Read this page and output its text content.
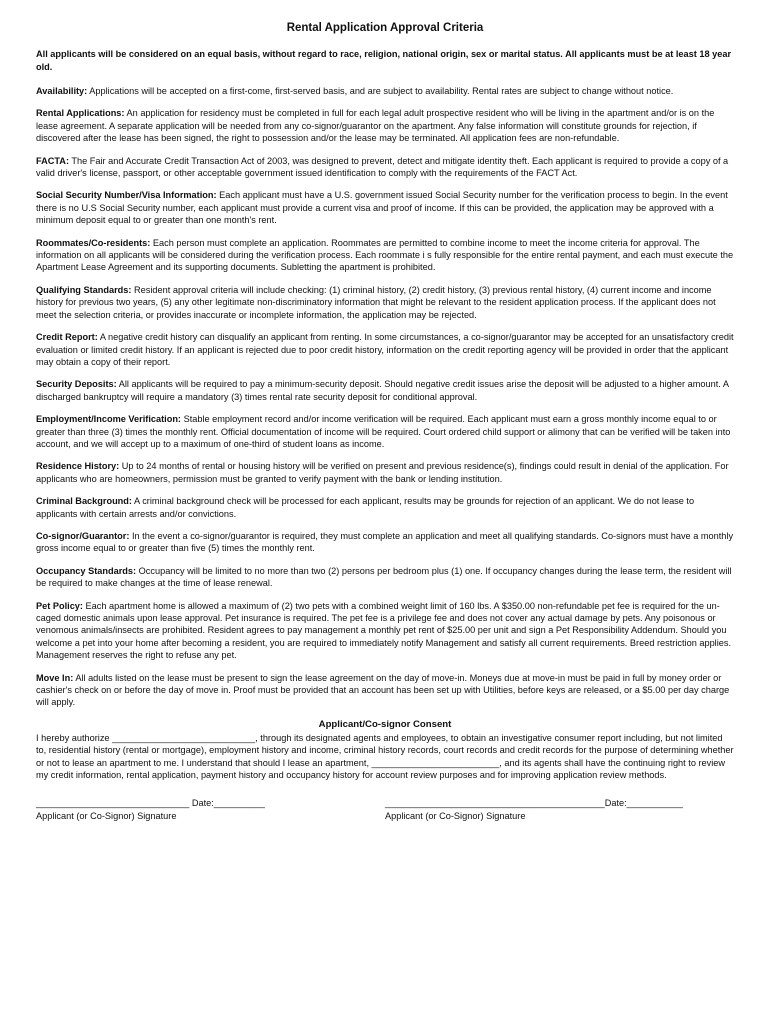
Rental Application Approval Criteria
All applicants will be considered on an equal basis, without regard to race, religion, national origin, sex or marital status. All applicants must be at least 18 year old.
Availability: Applications will be accepted on a first-come, first-served basis, and are subject to availability. Rental rates are subject to change without notice.
Rental Applications: An application for residency must be completed in full for each legal adult prospective resident who will be living in the apartment and/or is on the lease agreement. A separate application will be needed from any co-signor/guarantor on the apartment. Any false information will constitute grounds for rejection, if discovered after the lease has been signed, the right to possession and/or the lease may be terminated. All application fees are non-refundable.
FACTA: The Fair and Accurate Credit Transaction Act of 2003, was designed to prevent, detect and mitigate identity theft. Each applicant is required to provide a copy of a valid driver's license, passport, or other acceptable government issued identification to comply with the requirements of the FACT Act.
Social Security Number/Visa Information: Each applicant must have a U.S. government issued Social Security number for the verification process to begin. In the event there is no U.S Social Security number, each applicant must provide a current visa and proof of income. If this can be provided, the application may be approved with a minimum deposit equal to or greater than one month's rent.
Roommates/Co-residents: Each person must complete an application. Roommates are permitted to combine income to meet the income criteria for approval. The information on all applicants will be considered during the verification process. Each roommate i s fully responsible for the entire rental payment, and each must execute the Apartment Lease Agreement and its supporting documents. Subletting the apartment is prohibited.
Qualifying Standards: Resident approval criteria will include checking: (1) criminal history, (2) credit history, (3) previous rental history, (4) current income and income history for previous two years, (5) any other legitimate non-discriminatory information that might be relevant to the resident application process. If the applicant does not meet the selection criteria, or provides inaccurate or incomplete information, the application may be rejected.
Credit Report: A negative credit history can disqualify an applicant from renting. In some circumstances, a co-signor/guarantor may be accepted for an unsatisfactory credit evaluation or limited credit history. If an applicant is rejected due to poor credit history, information on the credit reporting agency will be provided in order that the applicant may obtain a copy of their report.
Security Deposits: All applicants will be required to pay a minimum-security deposit. Should negative credit issues arise the deposit will be adjusted to a higher amount. A discharged bankruptcy will require a mandatory (3) times rental rate security deposit for conditional approval.
Employment/Income Verification: Stable employment record and/or income verification will be required. Each applicant must earn a gross monthly income equal to or greater than three (3) times the monthly rent. Official documentation of income will be required. Court ordered child support or alimony that can be verified will be taken into account, and we will accept up to a maximum of one-third of student loans as income.
Residence History: Up to 24 months of rental or housing history will be verified on present and previous residence(s), findings could result in denial of the application. For applicants who are homeowners, permission must be granted to verify payment with the bank or lending institution.
Criminal Background: A criminal background check will be processed for each applicant, results may be grounds for rejection of an applicant. We do not lease to applicants with certain arrests and/or convictions.
Co-signor/Guarantor: In the event a co-signor/guarantor is required, they must complete an application and meet all qualifying standards. Co-signors must have a monthly gross income equal to or greater than five (5) times the monthly rent.
Occupancy Standards: Occupancy will be limited to no more than two (2) persons per bedroom plus (1) one. If occupancy changes during the lease term, the resident will be required to make changes at the time of lease renewal.
Pet Policy: Each apartment home is allowed a maximum of (2) two pets with a combined weight limit of 160 lbs. A $350.00 non-refundable pet fee is required for the un-caged domestic animals upon lease approval. Pet insurance is required. The pet fee is a privilege fee and does not cover any actual damage by pets. Any poisonous or venomous animals/insects are prohibited. Resident agrees to pay management a monthly pet rent of $25.00 per unit and sign a Pet Responsibility Addendum. Should you welcome a pet into your home after becoming a resident, you are required to immediately notify Management and satisfy all current requirements. Breed restriction applies. Management reserves the right to refuse any pet.
Move In: All adults listed on the lease must be present to sign the lease agreement on the day of move-in. Moneys due at move-in must be paid in full by money order or cashier's check on or before the day of move in. Proof must be provided that an account has been set up with Utilities, before keys are released, or a $5.00 per day charge will apply.
Applicant/Co-signor Consent
I hereby authorize ____________________________, through its designated agents and employees, to obtain an investigative consumer report including, but not limited to, residential history (rental or mortgage), employment history and income, criminal history records, court records and credit records for the purpose of determining whether or not to lease an apartment to me. I understand that should I lease an apartment, _________________________, and its agents shall have the continuing right to review my credit information, rental application, payment history and occupancy history for account review purposes and for improving application review methods.
______________________________ Date:__________
Applicant (or Co-Signor) Signature
___________________________________________Date:___________
Applicant (or Co-Signor) Signature
